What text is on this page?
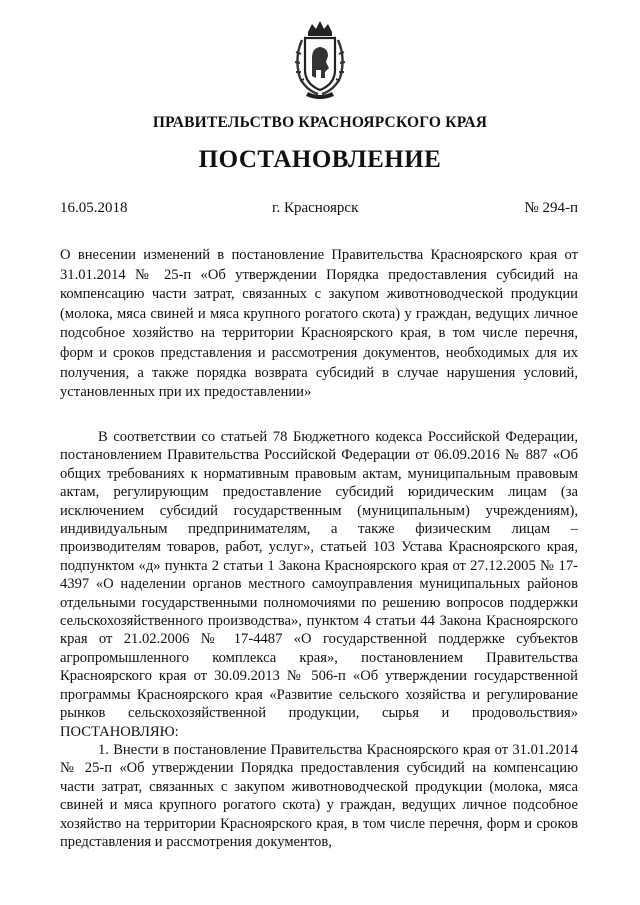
ПРАВИТЕЛЬСТВО КРАСНОЯРСКОГО КРАЯ
ПОСТАНОВЛЕНИЕ
16.05.2018	г. Красноярск	№ 294-п
О внесении изменений в постановление Правительства Красноярского края от 31.01.2014 № 25-п «Об утверждении Порядка предоставления субсидий на компенсацию части затрат, связанных с закупом животноводческой продукции (молока, мяса свиней и мяса крупного рогатого скота) у граждан, ведущих личное подсобное хозяйство на территории Красноярского края, в том числе перечня, форм и сроков представления и рассмотрения документов, необходимых для их получения, а также порядка возврата субсидий в случае нарушения условий, установленных при их предоставлении»

В соответствии со статьей 78 Бюджетного кодекса Российской Федерации, постановлением Правительства Российской Федерации от 06.09.2016 № 887 «Об общих требованиях к нормативным правовым актам, муниципальным правовым актам, регулирующим предоставление субсидий юридическим лицам (за исключением субсидий государственным (муниципальным) учреждениям), индивидуальным предпринимателям, а также физическим лицам – производителям товаров, работ, услуг», статьей 103 Устава Красноярского края, подпунктом «д» пункта 2 статьи 1 Закона Красноярского края от 27.12.2005 № 17-4397 «О наделении органов местного самоуправления муниципальных районов отдельными государственными полномочиями по решению вопросов поддержки сельскохозяйственного производства», пунктом 4 статьи 44 Закона Красноярского края от 21.02.2006 № 17-4487 «О государственной поддержке субъектов агропромышленного комплекса края», постановлением Правительства Красноярского края от 30.09.2013 № 506-п «Об утверждении государственной программы Красноярского края «Развитие сельского хозяйства и регулирование рынков сельскохозяйственной продукции, сырья и продовольствия» ПОСТАНОВЛЯЮ:

1. Внести в постановление Правительства Красноярского края от 31.01.2014 № 25-п «Об утверждении Порядка предоставления субсидий на компенсацию части затрат, связанных с закупом животноводческой продукции (молока, мяса свиней и мяса крупного рогатого скота) у граждан, ведущих личное подсобное хозяйство на территории Красноярского края, в том числе перечня, форм и сроков представления и рассмотрения документов,
